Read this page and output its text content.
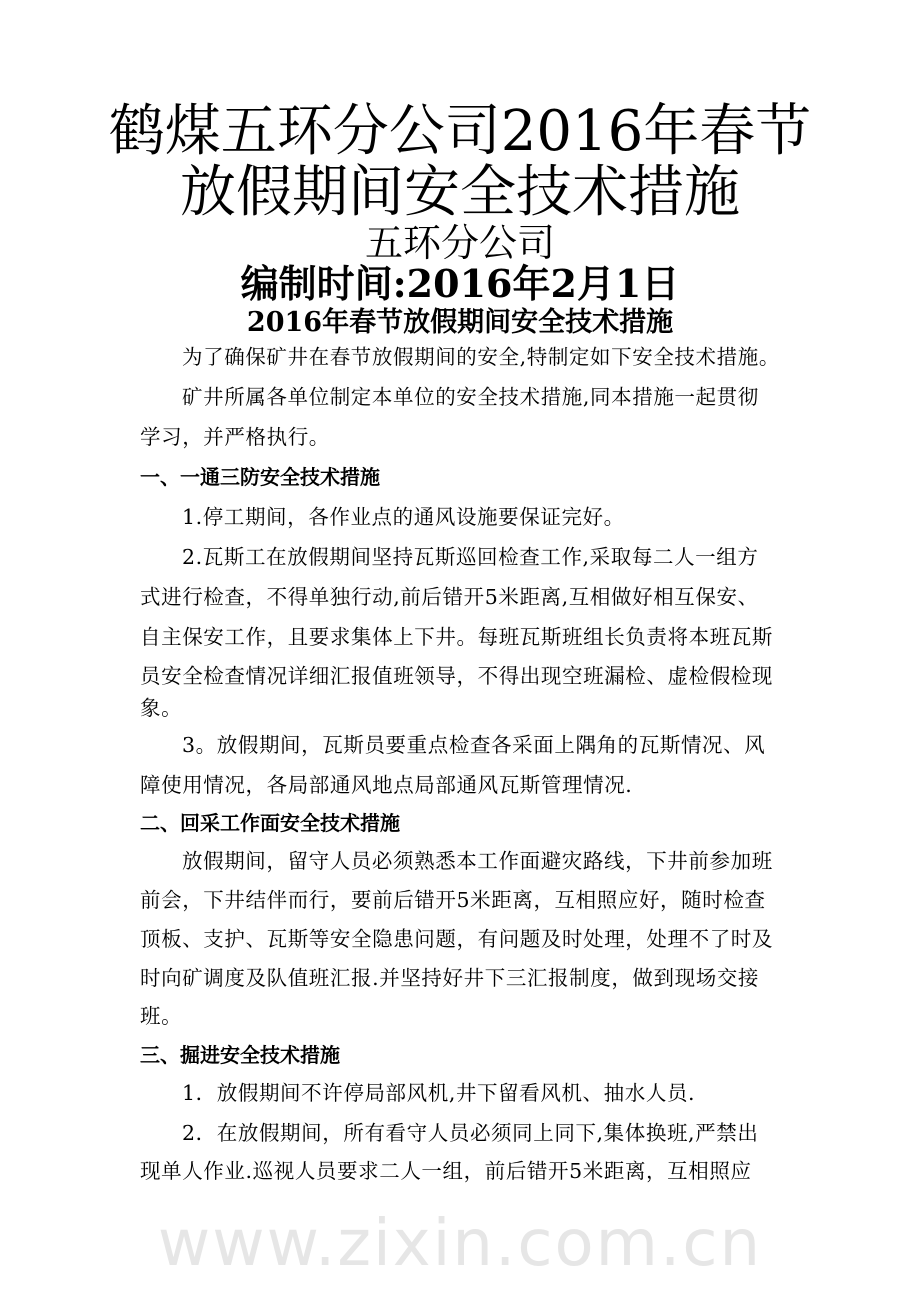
www.zixin.com.cn
鹤煤五环分公司2016年春节
放假期间安全技术措施
五环分公司
编制时间:2016年2月1日
2016年春节放假期间安全技术措施
为了确保矿井在春节放假期间的安全,特制定如下安全技术措施。
矿井所属各单位制定本单位的安全技术措施,同本措施一起贯彻
学习，并严格执行。
一、一通三防安全技术措施
1.停工期间，各作业点的通风设施要保证完好。
2.瓦斯工在放假期间坚持瓦斯巡回检查工作,采取每二人一组方
式进行检查，不得单独行动,前后错开5米距离,互相做好相互保安、
自主保安工作，且要求集体上下井。每班瓦斯班组长负责将本班瓦斯
员安全检查情况详细汇报值班领导，不得出现空班漏检、虚检假检现
象。
3。放假期间，瓦斯员要重点检查各采面上隅角的瓦斯情况、风
障使用情况，各局部通风地点局部通风瓦斯管理情况.
二、回采工作面安全技术措施
放假期间，留守人员必须熟悉本工作面避灾路线，下井前参加班
前会，下井结伴而行，要前后错开5米距离，互相照应好，随时检查
顶板、支护、瓦斯等安全隐患问题，有问题及时处理，处理不了时及
时向矿调度及队值班汇报.并坚持好井下三汇报制度，做到现场交接
班。
三、掘进安全技术措施
1．放假期间不许停局部风机,井下留看风机、抽水人员.
2．在放假期间，所有看守人员必须同上同下,集体换班,严禁出
现单人作业.巡视人员要求二人一组，前后错开5米距离，互相照应
